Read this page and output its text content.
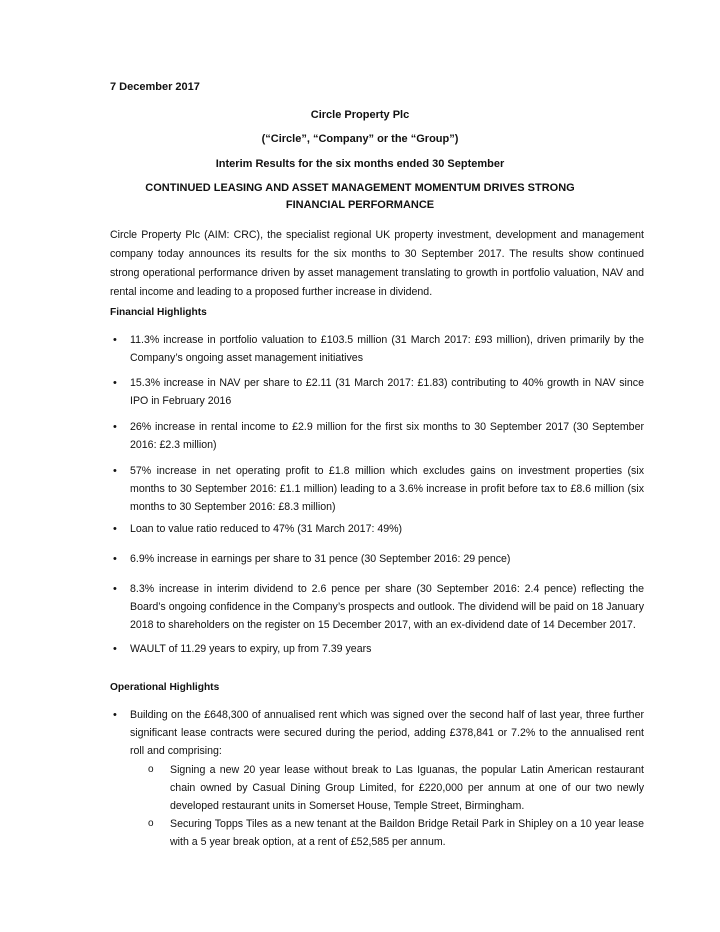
7 December 2017
Circle Property Plc
(“Circle”, “Company” or the “Group”)
Interim Results for the six months ended 30 September
CONTINUED LEASING AND ASSET MANAGEMENT MOMENTUM DRIVES STRONG FINANCIAL PERFORMANCE
Circle Property Plc (AIM: CRC), the specialist regional UK property investment, development and management company today announces its results for the six months to 30 September 2017. The results show continued strong operational performance driven by asset management translating to growth in portfolio valuation, NAV and rental income and leading to a proposed further increase in dividend.
Financial Highlights
• 11.3% increase in portfolio valuation to £103.5 million (31 March 2017: £93 million), driven primarily by the Company’s ongoing asset management initiatives
• 15.3% increase in NAV per share to £2.11 (31 March 2017: £1.83) contributing to 40% growth in NAV since IPO in February 2016
• 26% increase in rental income to £2.9 million for the first six months to 30 September 2017 (30 September 2016: £2.3 million)
• 57% increase in net operating profit to £1.8 million which excludes gains on investment properties (six months to 30 September 2016: £1.1 million) leading to a 3.6% increase in profit before tax to £8.6 million (six months to 30 September 2016: £8.3 million)
• Loan to value ratio reduced to 47% (31 March 2017: 49%)
• 6.9% increase in earnings per share to 31 pence (30 September 2016: 29 pence)
• 8.3% increase in interim dividend to 2.6 pence per share (30 September 2016: 2.4 pence) reflecting the Board’s ongoing confidence in the Company’s prospects and outlook. The dividend will be paid on 18 January 2018 to shareholders on the register on 15 December 2017, with an ex-dividend date of 14 December 2017.
• WAULT of 11.29 years to expiry, up from 7.39 years
Operational Highlights
• Building on the £648,300 of annualised rent which was signed over the second half of last year, three further significant lease contracts were secured during the period, adding £378,841 or 7.2% to the annualised rent roll and comprising:
o Signing a new 20 year lease without break to Las Iguanas, the popular Latin American restaurant chain owned by Casual Dining Group Limited, for £220,000 per annum at one of our two newly developed restaurant units in Somerset House, Temple Street, Birmingham.
o Securing Topps Tiles as a new tenant at the Baildon Bridge Retail Park in Shipley on a 10 year lease with a 5 year break option, at a rent of £52,585 per annum.
